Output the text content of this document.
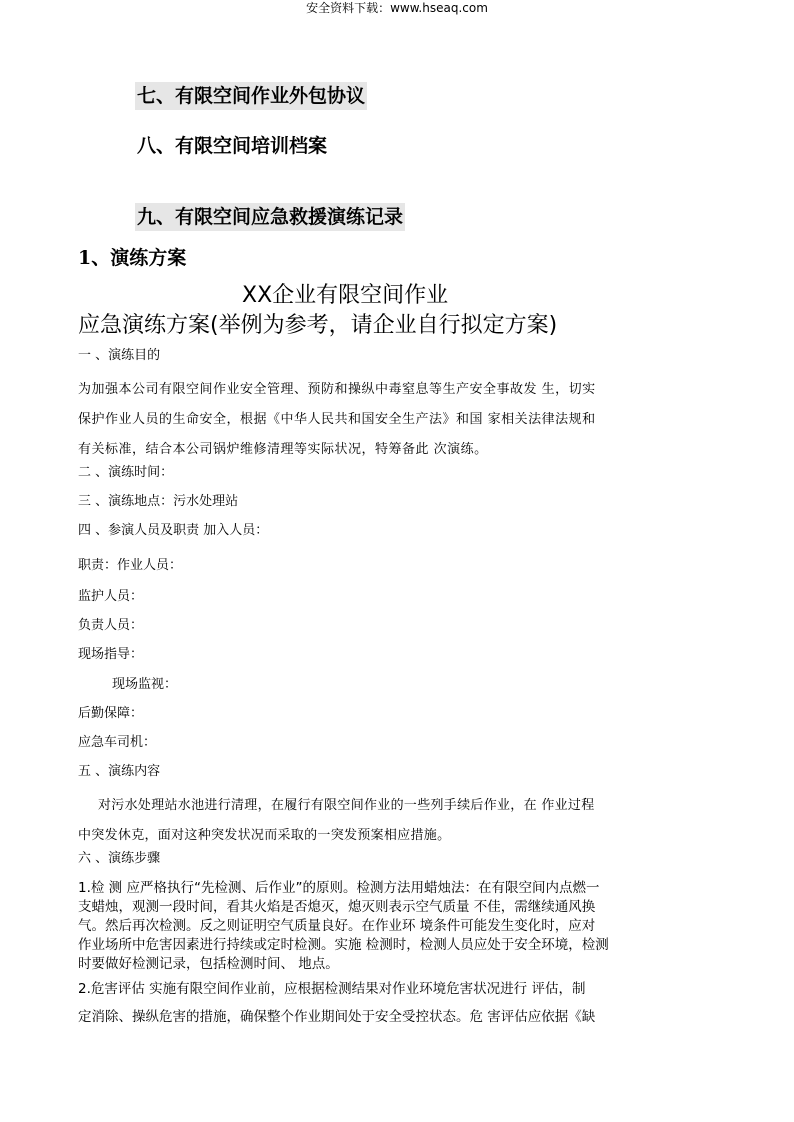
安全资料下载：www.hseaq.com
七、有限空间作业外包协议
八、有限空间培训档案
九、有限空间应急救援演练记录
1、演练方案
XX企业有限空间作业
应急演练方案(举例为参考，请企业自行拟定方案)
一 、演练目的
为加强本公司有限空间作业安全管理、预防和操纵中毒窒息等生产安全事故发 生，切实
保护作业人员的生命安全，根据《中华人民共和国安全生产法》和国 家相关法律法规和
有关标准，结合本公司锅炉维修清理等实际状况，特筹备此 次演练。
二 、演练时间：
三 、演练地点：污水处理站
四 、参演人员及职责 加入人员：
职责：作业人员：
监护人员：
负责人员：
现场指导：
现场监视：
后勤保障：
应急车司机：
五 、演练内容
对污水处理站水池进行清理，在履行有限空间作业的一些列手续后作业，在 作业过程
中突发休克，面对这种突发状况而采取的一突发预案相应措施。
六 、演练步骤
1.检 测 应严格执行“先检测、后作业”的原则。检测方法用蜡烛法：在有限空间内点燃一
支蜡烛，观测一段时间，看其火焰是否熄灭，熄灭则表示空气质量 不佳，需继续通风换
气。然后再次检测。反之则证明空气质量良好。在作业环 境条件可能发生变化时，应对
作业场所中危害因素进行持续或定时检测。实施 检测时，检测人员应处于安全环境，检测
时要做好检测记录，包括检测时间、 地点。
2.危害评估 实施有限空间作业前，应根据检测结果对作业环境危害状况进行 评估，制
定消除、操纵危害的措施，确保整个作业期间处于安全受控状态。危 害评估应依据《缺
